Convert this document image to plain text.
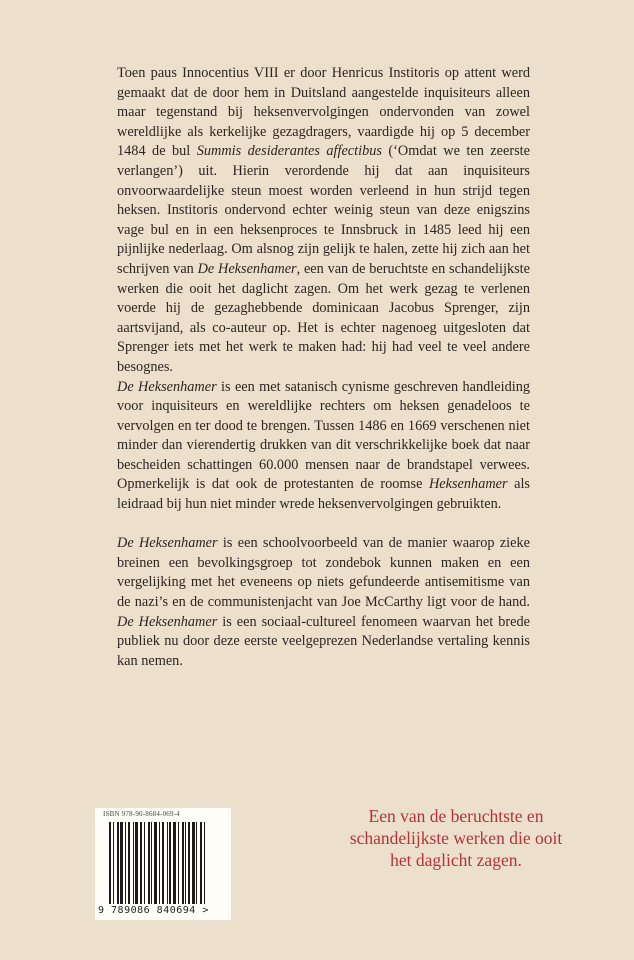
Toen paus Innocentius VIII er door Henricus Institoris op attent werd gemaakt dat de door hem in Duitsland aangestelde inquisiteurs alleen maar tegenstand bij heksenvervolgingen ondervonden van zowel wereldlijke als kerkelijke gezagdragers, vaardigde hij op 5 december 1484 de bul Summis desiderantes affectibus (‘Omdat we ten zeerste verlangen’) uit. Hierin verordende hij dat aan inquisiteurs onvoorwaardelijke steun moest worden verleend in hun strijd tegen heksen. Institoris ondervond echter weinig steun van deze enigszins vage bul en in een heksenproces te Innsbruck in 1485 leed hij een pijnlijke nederlaag. Om alsnog zijn gelijk te halen, zette hij zich aan het schrijven van De Heksenhamer, een van de beruchtste en schandelijkste werken die ooit het daglicht zagen. Om het werk gezag te verlenen voerde hij de gezaghebbende dominicaan Jacobus Sprenger, zijn aartsvijand, als co-auteur op. Het is echter nagenoeg uitgesloten dat Sprenger iets met het werk te maken had: hij had veel te veel andere besognes.

De Heksenhamer is een met satanisch cynisme geschreven handleiding voor inquisiteurs en wereldlijke rechters om heksen genadeloos te vervolgen en ter dood te brengen. Tussen 1486 en 1669 verschenen niet minder dan vierendertig drukken van dit verschrikkelijke boek dat naar bescheiden schattingen 60.000 mensen naar de brandstapel verwees. Opmerkelijk is dat ook de protestanten de roomse Heksenhamer als leidraad bij hun niet minder wrede heksenvervolgingen gebruikten.

De Heksenhamer is een schoolvoorbeeld van de manier waarop zieke breinen een bevolkingsgroep tot zondebok kunnen maken en een vergelijking met het eveneens op niets gefundeerde antisemitisme van de nazi’s en de communistenjacht van Joe McCarthy ligt voor de hand. De Heksenhamer is een sociaal-cultureel fenomeen waarvan het brede publiek nu door deze eerste veelgeprezen Nederlandse vertaling kennis kan nemen.

ISBN 978-90-8684-069-4
9 789086 840694 >
Een van de beruchtste en schandelijkste werken die ooit het daglicht zagen.
